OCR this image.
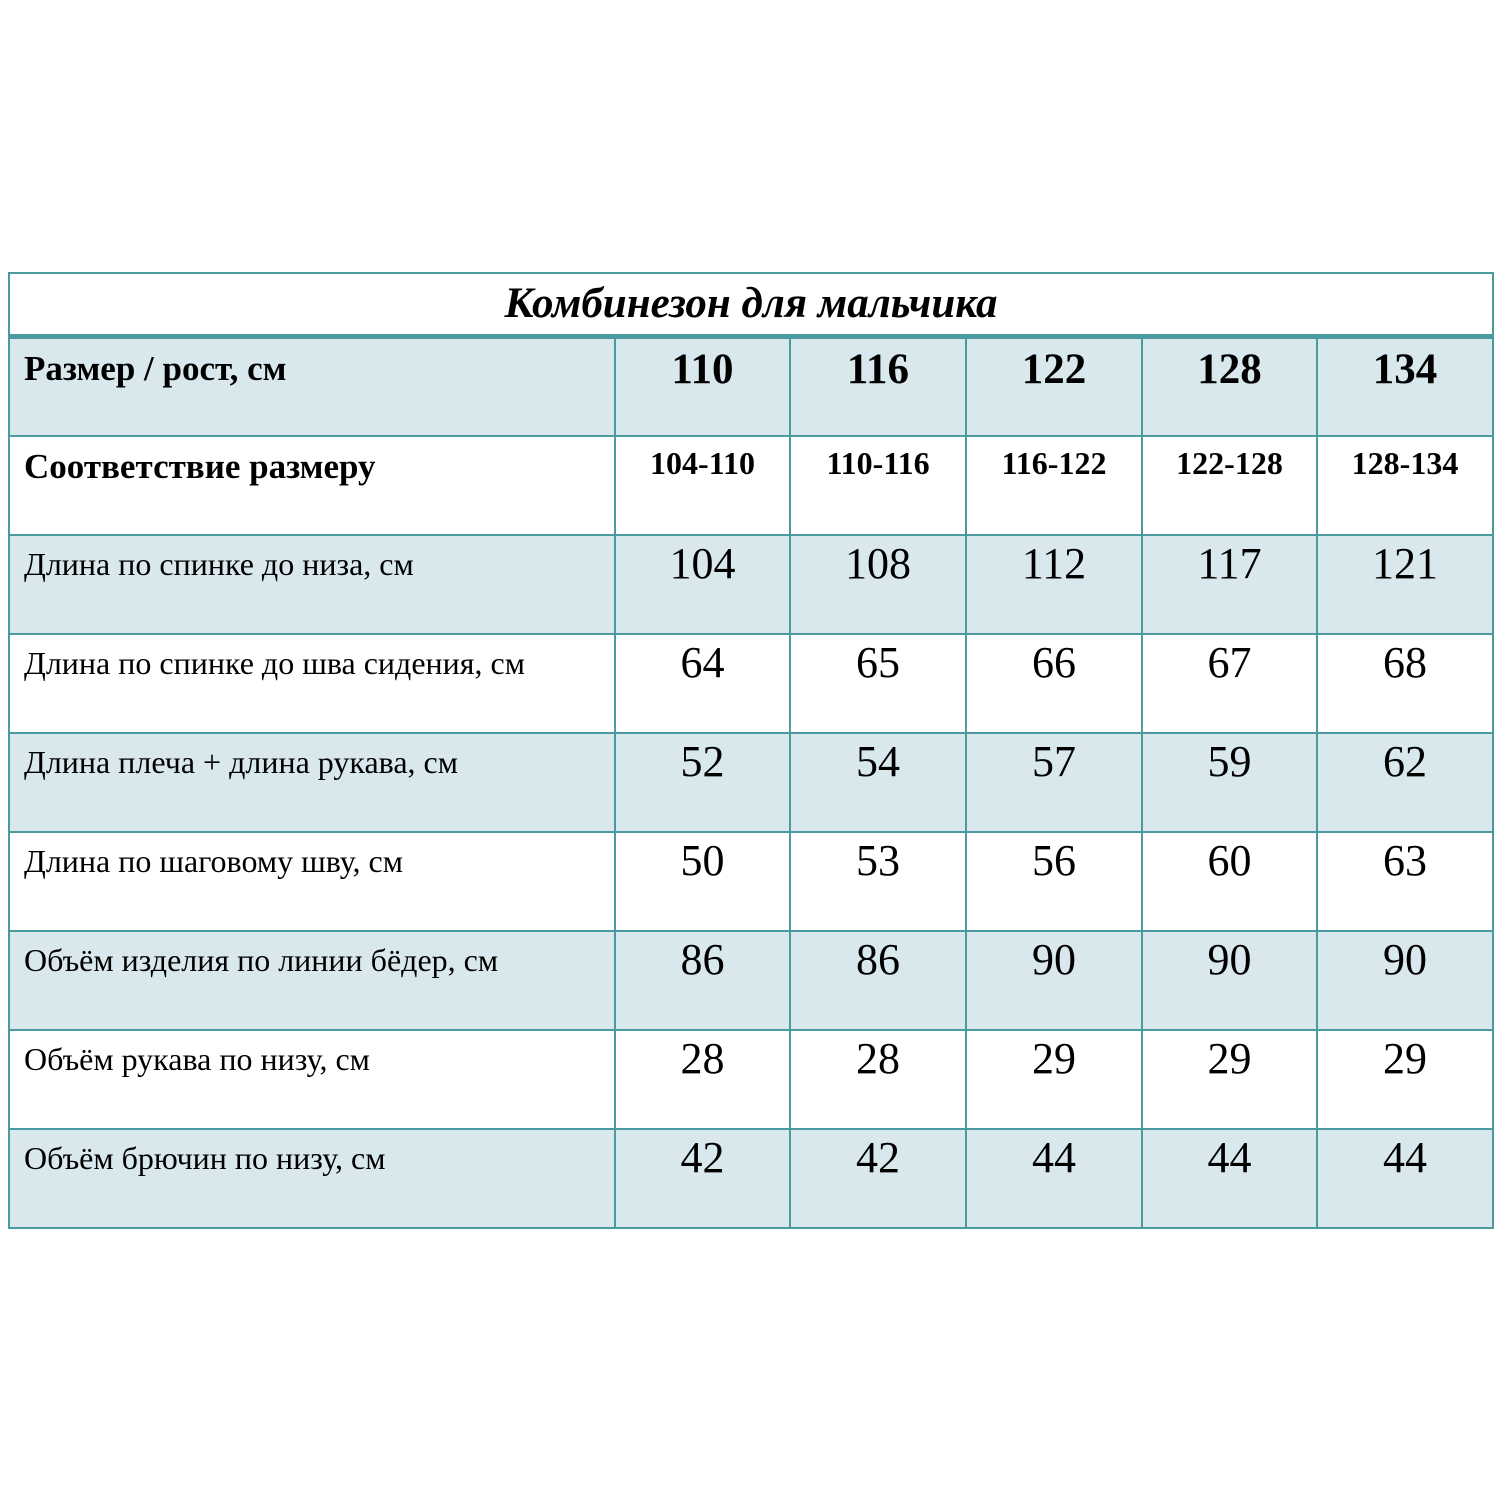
Комбинезон для мальчика					
Размер / рост, см	110	116	122	128	134
Соответствие размеру	104-110	110-116	116-122	122-128	128-134
Длина по спинке до низа, см	104	108	112	117	121
Длина по спинке до шва сидения, см	64	65	66	67	68
Длина плеча + длина рукава, см	52	54	57	59	62
Длина по шаговому шву, см	50	53	56	60	63
Объём изделия по линии бёдер, см	86	86	90	90	90
Объём рукава по низу, см	28	28	29	29	29
Объём брючин по низу, см	42	42	44	44	44
